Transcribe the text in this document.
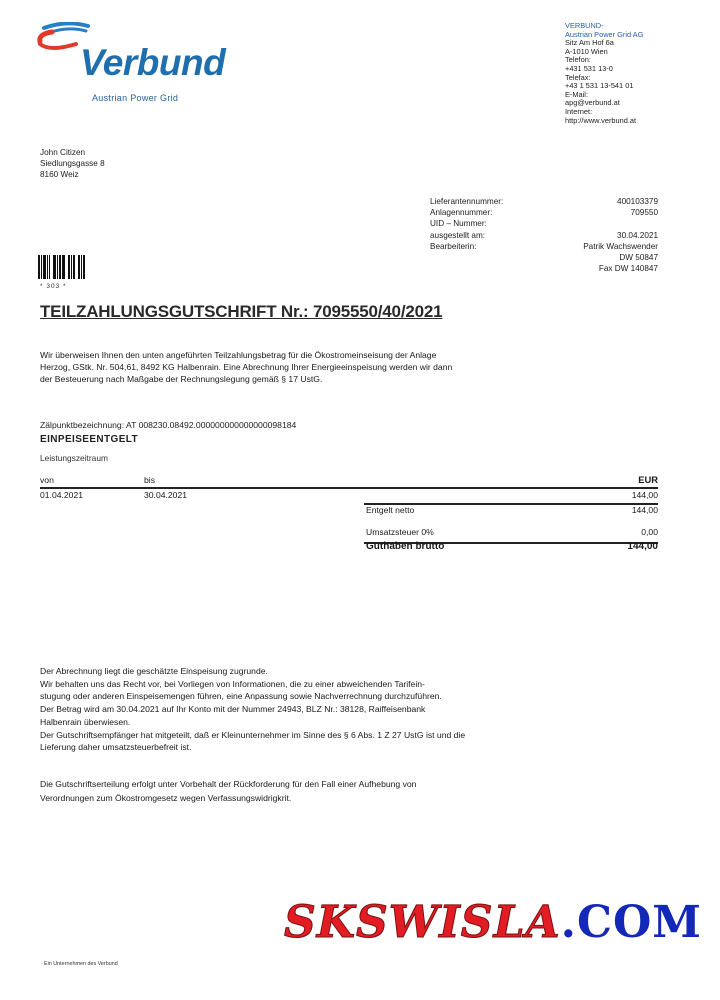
Verbund
Austrian Power Grid
VERBUND-
Austrian Power Grid AG
Sitz Am Hof 6a
A-1010 Wien
Telefon:
+431 531 13-0
Telefax:
+43 1 531 13-541 01
E-Mail:
apg@verbund.at
Internet:
http://www.verbund.at
John Citizen
Siedlungsgasse 8
8160 Weiz
Lieferantennummer:	400103379
Anlagennummer:	709550
UID – Nummer:
ausgestellt am:	30.04.2021
Bearbeiterin:	Patrik Wachswender
DW 50847
Fax DW 140847
* 303 *
TEILZAHLUNGSGUTSCHRIFT Nr.: 7095550/40/2021
Wir überweisen Ihnen den unten angeführten Teilzahlungsbetrag für die Ökostromeinseisung der Anlage
Herzog, GStk. Nr. 504,61, 8492 KG Halbenrain. Eine Abrechnung Ihrer Energieeinspeisung werden wir dann
der Besteuerung nach Maßgabe der Rechnungslegung gemäß § 17 UstG.
Zälpunktbezeichnung: AT 008230.08492.000000000000000098184
EINPEISEENTGELT
Leistungszeitraum
von	bis	EUR
01.04.2021	30.04.2021	144,00
Entgelt netto	144,00
Umsatzsteuer 0%	0,00
Guthaben brutto	144,00
Der Abrechnung liegt die geschätzte Einspeisung zugrunde.
Wir behalten uns das Recht vor, bei Vorliegen von Informationen, die zu einer abweichenden Tarifein-
stugung oder anderen Einspeisemengen führen, eine Anpassung sowie Nachverrechnung durchzuführen.
Der Betrag wird am 30.04.2021 auf Ihr Konto mit der Nummer 24943, BLZ Nr.: 38128, Raiffeisenbank
Halbenrain überwiesen.
Der Gutschriftsempfänger hat mitgeteilt, daß er Kleinunternehmer im Sinne des § 6 Abs. 1 Z 27 UstG ist und die
Lieferung daher umsatzsteuerbefreit ist.
Die Gutschriftserteilung erfolgt unter Vorbehalt der Rückforderung für den Fall einer Aufhebung von
Verordnungen zum Ökostromgesetz wegen Verfassungswidrigkrit.
SKSWISLA.COM
Ein Unternehmen des Verbund
